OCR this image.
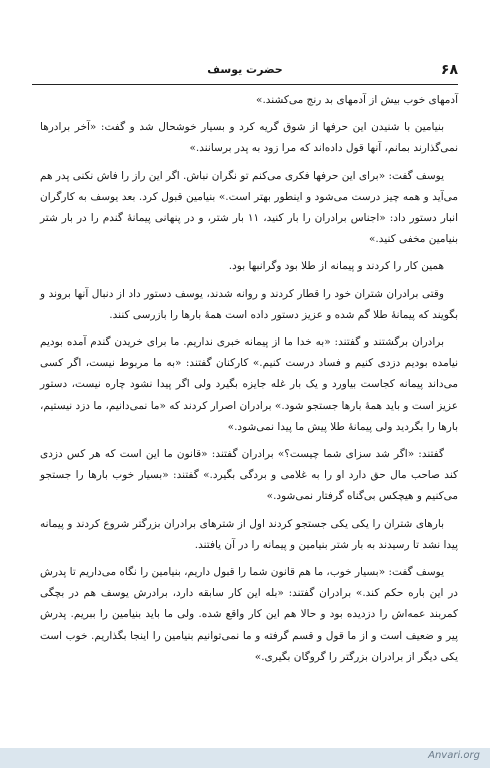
۶۸
حضرت یوسف

آدمهای خوب بیش از آدمهای بد رنج می‌کشند.»

بنیامین با شنیدن این حرفها از شوق گریه کرد و بسیار خوشحال شد و گفت: «آخر برادرها نمی‌گذارند بمانم، آنها قول داده‌اند که مرا زود به پدر برسانند.»

یوسف گفت: «برای این حرفها فکری می‌کنم تو نگران نباش. اگر این راز را فاش نکنی پدر هم می‌آید و همه چیز درست می‌شود و اینطور بهتر است.» بنیامین قبول کرد. بعد یوسف به کارگران انبار دستور داد: «اجناس برادران را بار کنید، ۱۱ بار شتر، و در پنهانی پیمانهٔ گندم را در بار شتر بنیامین مخفی کنید.»

همین کار را کردند و پیمانه از طلا بود وگرانبها بود.

وقتی برادران شتران خود را قطار کردند و روانه شدند، یوسف دستور داد از دنبال آنها بروند و بگویند که پیمانهٔ طلا گم شده و عزیز دستور داده است همهٔ بارها را بازرسی کنند.

برادران برگشتند و گفتند: «به خدا ما از پیمانه خبری نداریم. ما برای خریدن گندم آمده بودیم نیامده بودیم دزدی کنیم و فساد درست کنیم.» کارکنان گفتند: «به ما مربوط نیست، اگر کسی می‌داند پیمانه کجاست بیاورد و یک بار غله جایزه بگیرد ولی اگر پیدا نشود چاره نیست، دستور عزیز است و باید همهٔ بارها جستجو شود.» برادران اصرار کردند که «ما نمی‌دانیم، ما دزد نیستیم، بارها را بگردید ولی پیمانهٔ طلا پیش ما پیدا نمی‌شود.»

گفتند: «اگر شد سزای شما چیست؟» برادران گفتند: «قانون ما این است که هر کس دزدی کند صاحب مال حق دارد او را به غلامی و بردگی بگیرد.» گفتند: «بسیار خوب بارها را جستجو می‌کنیم و هیچکس بی‌گناه گرفتار نمی‌شود.»

بارهای شتران را یکی یکی جستجو کردند اول از شترهای برادران بزرگتر شروع کردند و پیمانه پیدا نشد تا رسیدند به بار شتر بنیامین و پیمانه را در آن یافتند.

یوسف گفت: «بسیار خوب، ما هم قانون شما را قبول داریم، بنیامین را نگاه می‌داریم تا پدرش در این باره حکم کند.» برادران گفتند: «بله این کار سابقه دارد، برادرش یوسف هم در بچگی کمربند عمه‌اش را دزدیده بود و حالا هم این کار واقع شده. ولی ما باید بنیامین را ببریم. پدرش پیر و ضعیف است و از ما قول و قسم گرفته و ما نمی‌توانیم بنیامین را اینجا بگذاریم. خوب است یکی دیگر از برادران بزرگتر را گروگان بگیری.»

Anvari.org
